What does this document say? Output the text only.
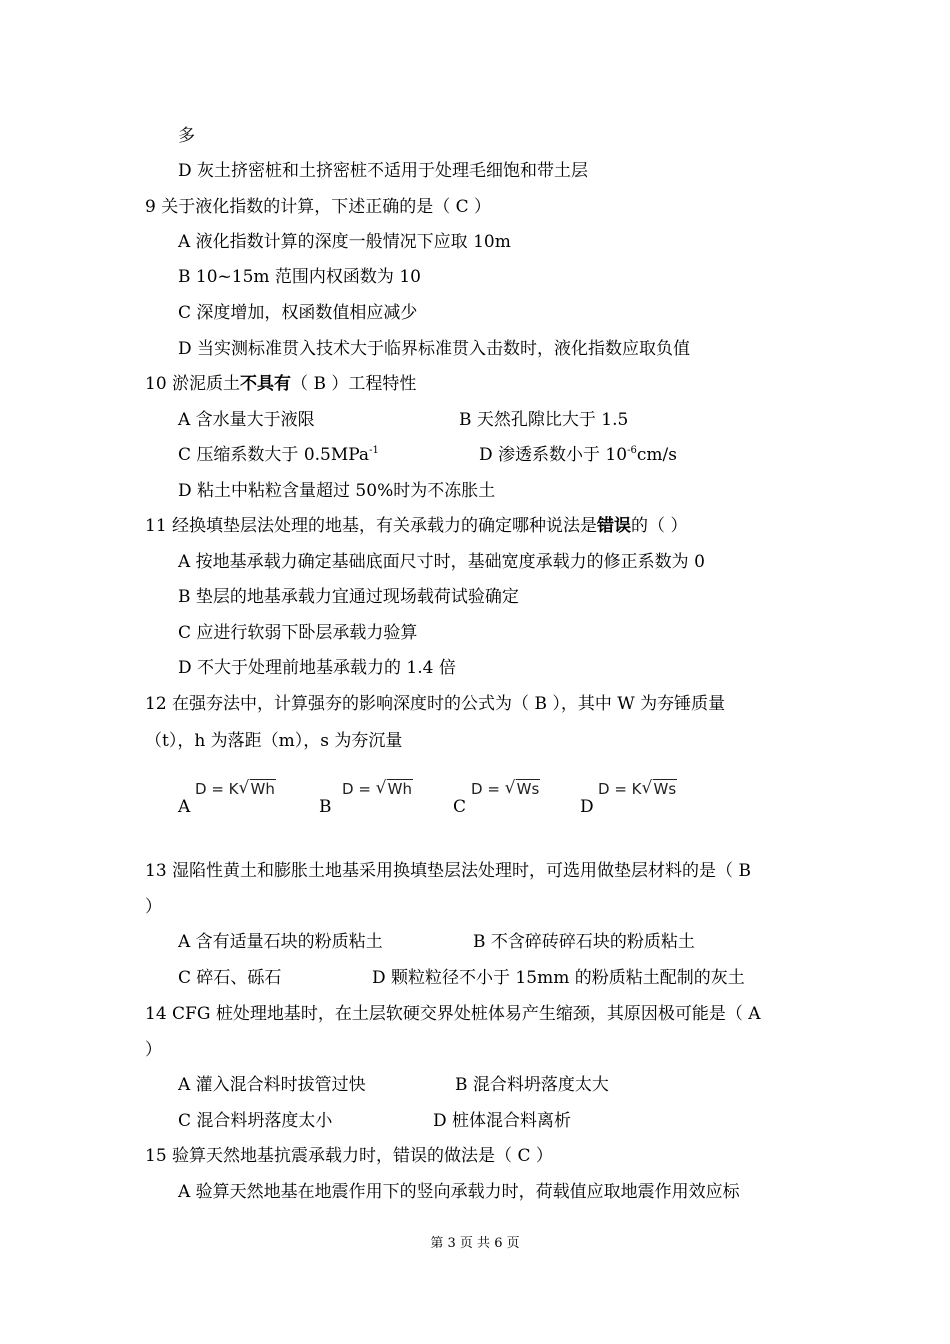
多
D 灰土挤密桩和土挤密桩不适用于处理毛细饱和带土层
9 关于液化指数的计算，下述正确的是（ C ）
A 液化指数计算的深度一般情况下应取 10m
B 10~15m 范围内权函数为 10
C 深度增加，权函数值相应减少
D 当实测标准贯入技术大于临界标准贯入击数时，液化指数应取负值
10 淤泥质土不具有（ B ）工程特性
A 含水量大于液限	B 天然孔隙比大于 1.5
C 压缩系数大于 0.5MPa$^{-1}$	D 渗透系数小于 $10^{-6}cm/s$
D 粘土中粘粒含量超过 50%时为不冻胀土
11 经换填垫层法处理的地基，有关承载力的确定哪种说法是错误的（ ）
A 按地基承载力确定基础底面尺寸时，基础宽度承载力的修正系数为 0
B 垫层的地基承载力宜通过现场载荷试验确定
C 应进行软弱下卧层承载力验算
D 不大于处理前地基承载力的 1.4 倍
12 在强夯法中，计算强夯的影响深度时的公式为（ B ），其中 W 为夯锤质量
（t），h 为落距（m），s 为夯沉量
A
D = K √ Wh
B
D = √ Wh
C
D = √ Ws
D
D = K √ Ws
13 湿陷性黄土和膨胀土地基采用换填垫层法处理时，可选用做垫层材料的是（ B
）
A 含有适量石块的粉质粘土	B 不含碎砖碎石块的粉质粘土
C 碎石、砾石	D 颗粒粒径不小于 15mm 的粉质粘土配制的灰土
14 CFG 桩处理地基时，在土层软硬交界处桩体易产生缩颈，其原因极可能是（ A
）
A 灌入混合料时拔管过快	B 混合料坍落度太大
C 混合料坍落度太小	D 桩体混合料离析
15 验算天然地基抗震承载力时，错误的做法是（ C ）
A 验算天然地基在地震作用下的竖向承载力时，荷载值应取地震作用效应标
第 3 页 共 6 页
